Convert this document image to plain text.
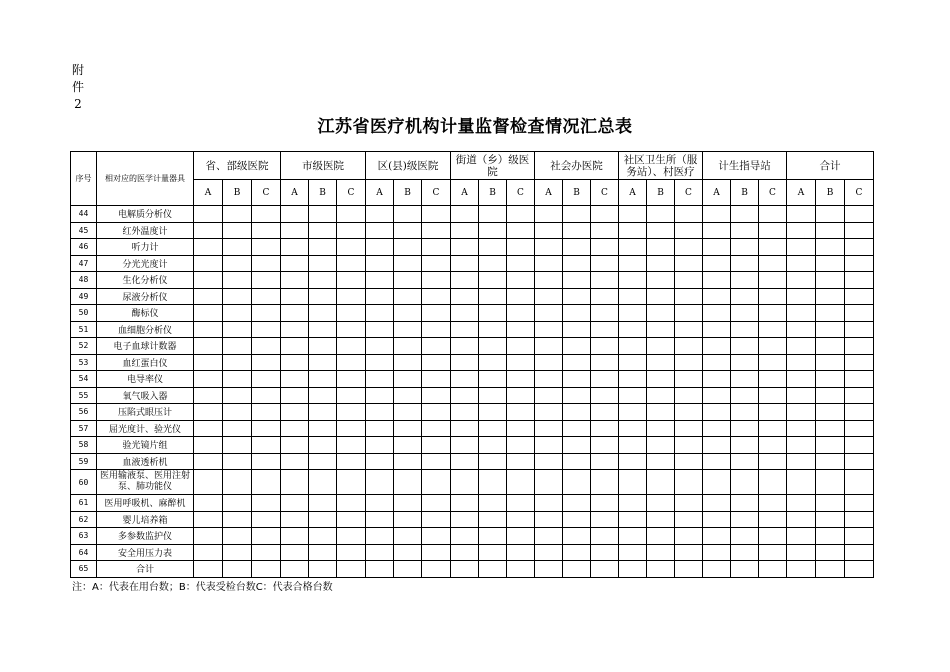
附
件
2
江苏省医疗机构计量监督检查情况汇总表
序号	相对应的医学计量器具	省、部级医院			市级医院			区(县)级医院			街道（乡）级医院			社会办医院			社区卫生所（服务站）、村医疗			计生指导站			合计		
		A	B	C	A	B	C	A	B	C	A	B	C	A	B	C	A	B	C	A	B	C	A	B	C
44	电解质分析仪																								
45	红外温度计																								
46	听力计																								
47	分光光度计																								
48	生化分析仪																								
49	尿液分析仪																								
50	酶标仪																								
51	血细胞分析仪																								
52	电子血球计数器																								
53	血红蛋白仪																								
54	电导率仪																								
55	氧气吸入器																								
56	压陷式眼压计																								
57	屈光度计、验光仪																								
58	验光镜片组																								
59	血液透析机																								
60	医用输液泵、医用注射泵、肺功能仪																								
61	医用呼吸机、麻醉机																								
62	婴儿培养箱																								
63	多参数监护仪																								
64	安全用压力表																								
65	合计																								
注：A：代表在用台数；B：代表受检台数C：代表合格台数
